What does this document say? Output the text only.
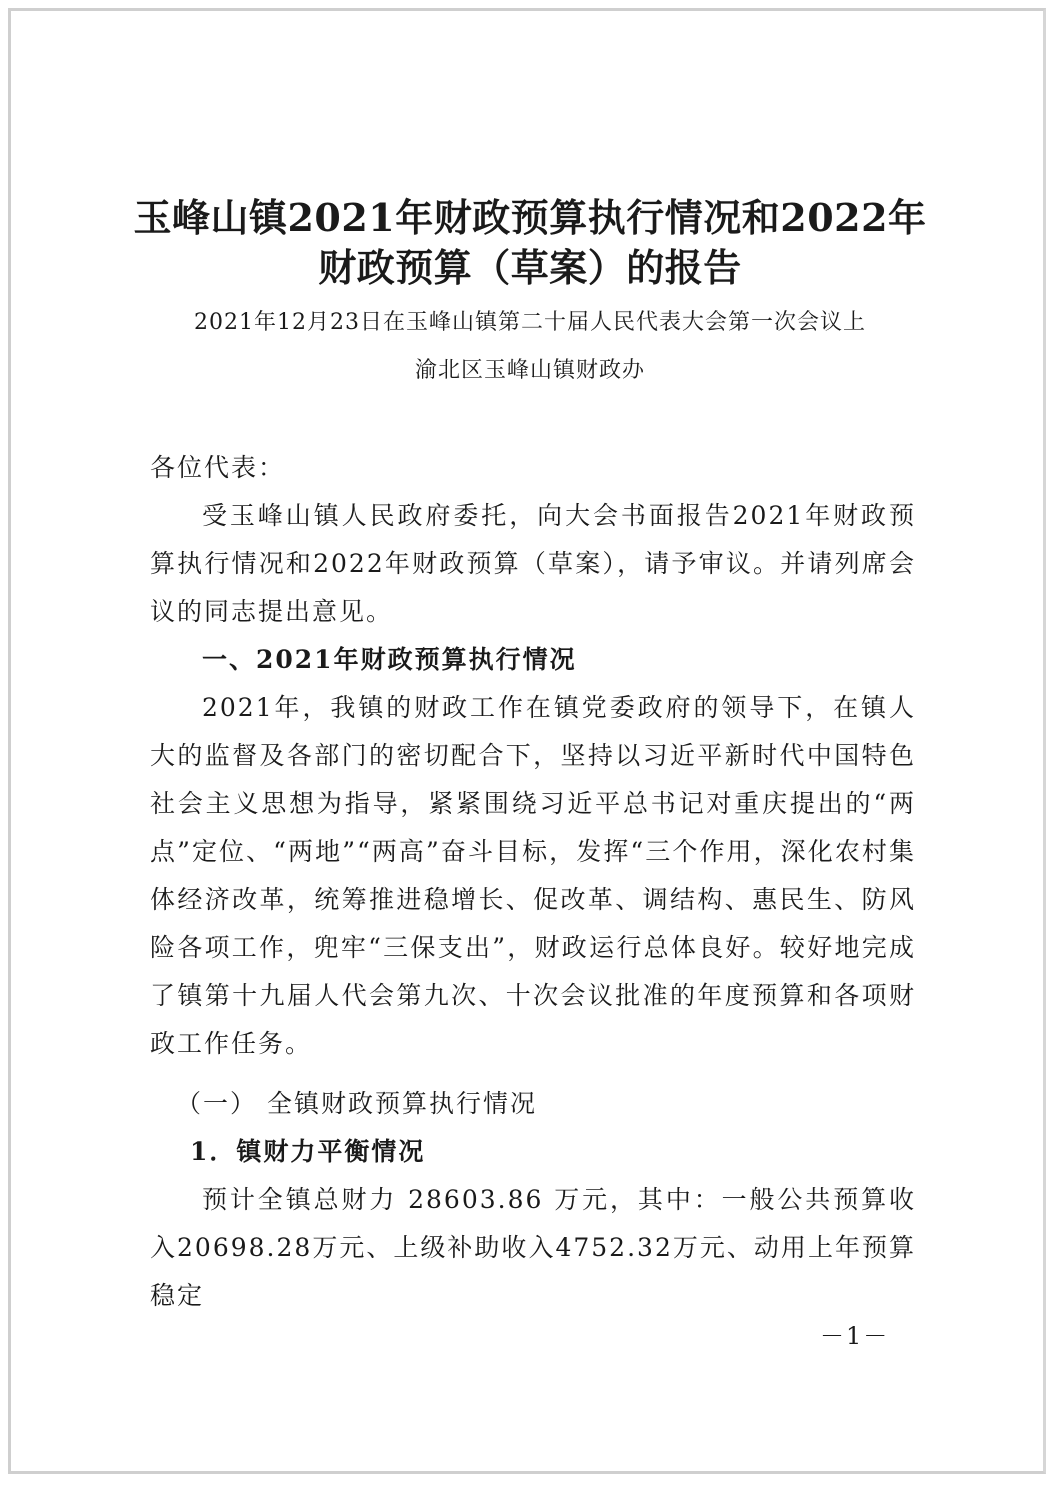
玉峰山镇2021年财政预算执行情况和2022年
财政预算（草案）的报告
2021年12月23日在玉峰山镇第二十届人民代表大会第一次会议上
渝北区玉峰山镇财政办
各位代表：
受玉峰山镇人民政府委托，向大会书面报告2021年财政预算执行情况和2022年财政预算（草案），请予审议。并请列席会议的同志提出意见。
一、2021年财政预算执行情况
2021年，我镇的财政工作在镇党委政府的领导下，在镇人大的监督及各部门的密切配合下，坚持以习近平新时代中国特色社会主义思想为指导，紧紧围绕习近平总书记对重庆提出的“两点”定位、“两地”“两高”奋斗目标，发挥“三个作用，深化农村集体经济改革，统筹推进稳增长、促改革、调结构、惠民生、防风险各项工作，兜牢“三保支出”，财政运行总体良好。较好地完成了镇第十九届人代会第九次、十次会议批准的年度预算和各项财政工作任务。
（一） 全镇财政预算执行情况
1．镇财力平衡情况
预计全镇总财力 28603.86 万元，其中：一般公共预算收入20698.28万元、上级补助收入4752.32万元、动用上年预算稳定
－1－
